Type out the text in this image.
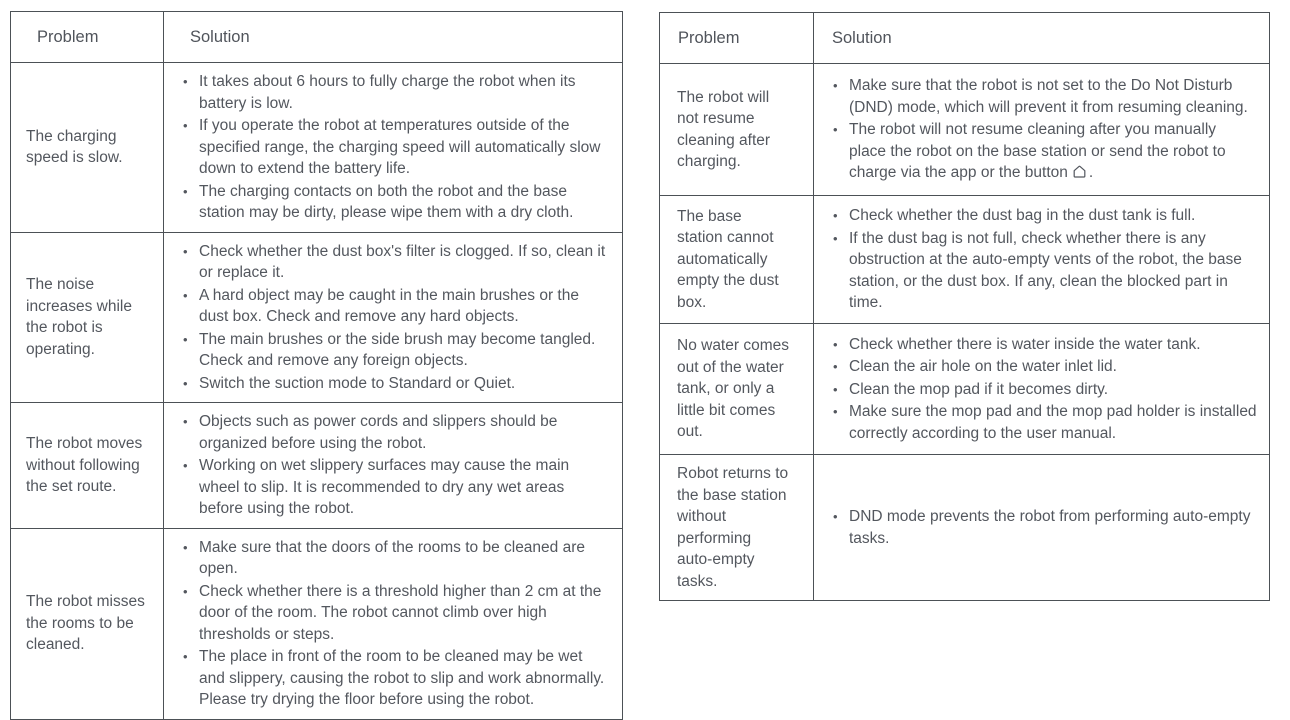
Problem	Solution
The charging speed is slow.	
• It takes about 6 hours to fully charge the robot when its battery is low.
• If you operate the robot at temperatures outside of the specified range, the charging speed will automatically slow down to extend the battery life.
• The charging contacts on both the robot and the base station may be dirty, please wipe them with a dry cloth.

The noise increases while the robot is operating.	
• Check whether the dust box's filter is clogged. If so, clean it or replace it.
• A hard object may be caught in the main brushes or the dust box. Check and remove any hard objects.
• The main brushes or the side brush may become tangled. Check and remove any foreign objects.
• Switch the suction mode to Standard or Quiet.

The robot moves without following the set route.	
• Objects such as power cords and slippers should be organized before using the robot.
• Working on wet slippery surfaces may cause the main wheel to slip. It is recommended to dry any wet areas before using the robot.

The robot misses the rooms to be cleaned.	
• Make sure that the doors of the rooms to be cleaned are open.
• Check whether there is a threshold higher than 2 cm at the door of the room. The robot cannot climb over high thresholds or steps.
• The place in front of the room to be cleaned may be wet and slippery, causing the robot to slip and work abnormally. Please try drying the floor before using the robot.
Problem	Solution
The robot will not resume cleaning after charging.	
• Make sure that the robot is not set to the Do Not Disturb (DND) mode, which will prevent it from resuming cleaning.
• The robot will not resume cleaning after you manually place the robot on the base station or send the robot to charge via the app or the button .

The base station cannot automatically empty the dust box.	
• Check whether the dust bag in the dust tank is full.
• If the dust bag is not full, check whether there is any obstruction at the auto-empty vents of the robot, the base station, or the dust box. If any, clean the blocked part in time.

No water comes out of the water tank, or only a little bit comes out.	
• Check whether there is water inside the water tank.
• Clean the air hole on the water inlet lid.
• Clean the mop pad if it becomes dirty.
• Make sure the mop pad and the mop pad holder is installed correctly according to the user manual.

Robot returns to the base station without performing auto-empty tasks.	
• DND mode prevents the robot from performing auto-empty tasks.
